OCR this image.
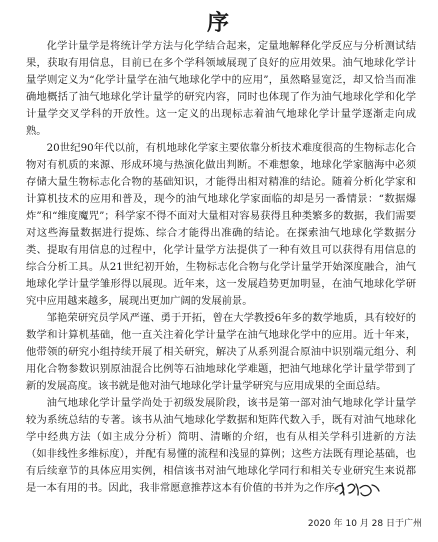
序

化学计量学是将统计学方法与化学结合起来，定量地解释化学反应与分析测试结果，获取有用信息，目前已在多个学科领域展现了良好的应用效果。油气地球化学计量学则定义为“化学计量学在油气地球化学中的应用”，虽然略显宽泛，却又恰当而准确地概括了油气地球化学计量学的研究内容，同时也体现了作为油气地球化学和化学计量学交叉学科的开放性。这一定义的出现标志着油气地球化学计量学逐渐走向成熟。

20世纪90年代以前，有机地球化学家主要依靠分析技术难度很高的生物标志化合物对有机质的来源、形成环境与热演化做出判断。不难想象，地球化学家脑海中必须存储大量生物标志化合物的基础知识，才能得出相对精准的结论。随着分析化学家和计算机技术的应用和普及，现今的油气地球化学家面临的却是另一番情景：“数据爆炸”和“维度魔咒”；科学家不得不面对大量相对容易获得且种类繁多的数据，我们需要对这些海量数据进行提炼、综合才能得出准确的结论。在探索油气地球化学数据分类、提取有用信息的过程中，化学计量学方法提供了一种有效且可以获得有用信息的综合分析工具。从21世纪初开始，生物标志化合物与化学计量学开始深度融合，油气地球化学计量学雏形得以展现。近年来，这一发展趋势更加明显，在油气地球化学研究中应用越来越多，展现出更加广阔的发展前景。

邹艳荣研究员学风严谨、勇于开拓，曾在大学教授6年多的数学地质，具有较好的数学和计算机基础，他一直关注着化学计量学在油气地球化学中的应用。近十年来，他带领的研究小组持续开展了相关研究，解决了从系列混合原油中识别端元组分、利用化合物参数识别原油混合比例等石油地球化学难题，把油气地球化学计量学带到了新的发展高度。该书就是他对油气地球化学计量学研究与应用成果的全面总结。

油气地球化学计量学尚处于初级发展阶段，该书是第一部对油气地球化学计量学较为系统总结的专著。该书从油气地球化学数据和矩阵代数入手，既有对油气地球化学中经典方法（如主成分分析）简明、清晰的介绍，也有从相关学科引进新的方法（如非线性多维标度），并配有易懂的流程和浅显的算例；这些方法既有理论基础，也有后续章节的具体应用实例，相信该书对油气地球化学同行和相关专业研究生来说都是一本有用的书。因此，我非常愿意推荐这本有价值的书并为之作序。

2020 年 10 月 28 日于广州
